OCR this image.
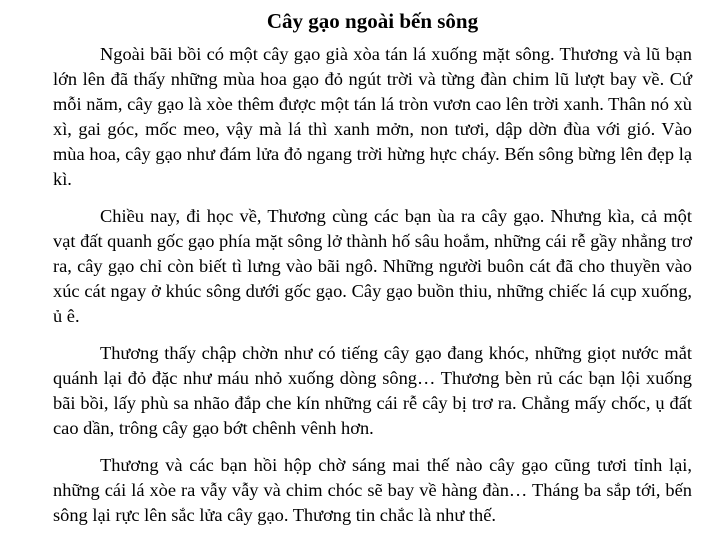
Cây gạo ngoài bến sông

Ngoài bãi bồi có một cây gạo già xòa tán lá xuống mặt sông. Thương và lũ bạn lớn lên đã thấy những mùa hoa gạo đỏ ngút trời và từng đàn chim lũ lượt bay về. Cứ mỗi năm, cây gạo là xòe thêm được một tán lá tròn vươn cao lên trời xanh. Thân nó xù xì, gai góc, mốc meo, vậy mà lá thì xanh mởn, non tươi, dập dờn đùa với gió. Vào mùa hoa, cây gạo như đám lửa đỏ ngang trời hừng hực cháy. Bến sông bừng lên đẹp lạ kì.

Chiều nay, đi học về, Thương cùng các bạn ùa ra cây gạo. Nhưng kìa, cả một vạt đất quanh gốc gạo phía mặt sông lở thành hố sâu hoắm, những cái rễ gầy nhẳng trơ ra, cây gạo chỉ còn biết tì lưng vào bãi ngô. Những người buôn cát đã cho thuyền vào xúc cát ngay ở khúc sông dưới gốc gạo. Cây gạo buồn thiu, những chiếc lá cụp xuống, ủ ê.

Thương thấy chập chờn như có tiếng cây gạo đang khóc, những giọt nước mắt quánh lại đỏ đặc như máu nhỏ xuống dòng sông… Thương bèn rủ các bạn lội xuống bãi bồi, lấy phù sa nhão đắp che kín những cái rễ cây bị trơ ra. Chẳng mấy chốc, ụ đất cao dần, trông cây gạo bớt chênh vênh hơn.

Thương và các bạn hồi hộp chờ sáng mai thế nào cây gạo cũng tươi tỉnh lại, những cái lá xòe ra vẫy vẫy và chim chóc sẽ bay về hàng đàn… Tháng ba sắp tới, bến sông lại rực lên sắc lửa cây gạo. Thương tin chắc là như thế.
